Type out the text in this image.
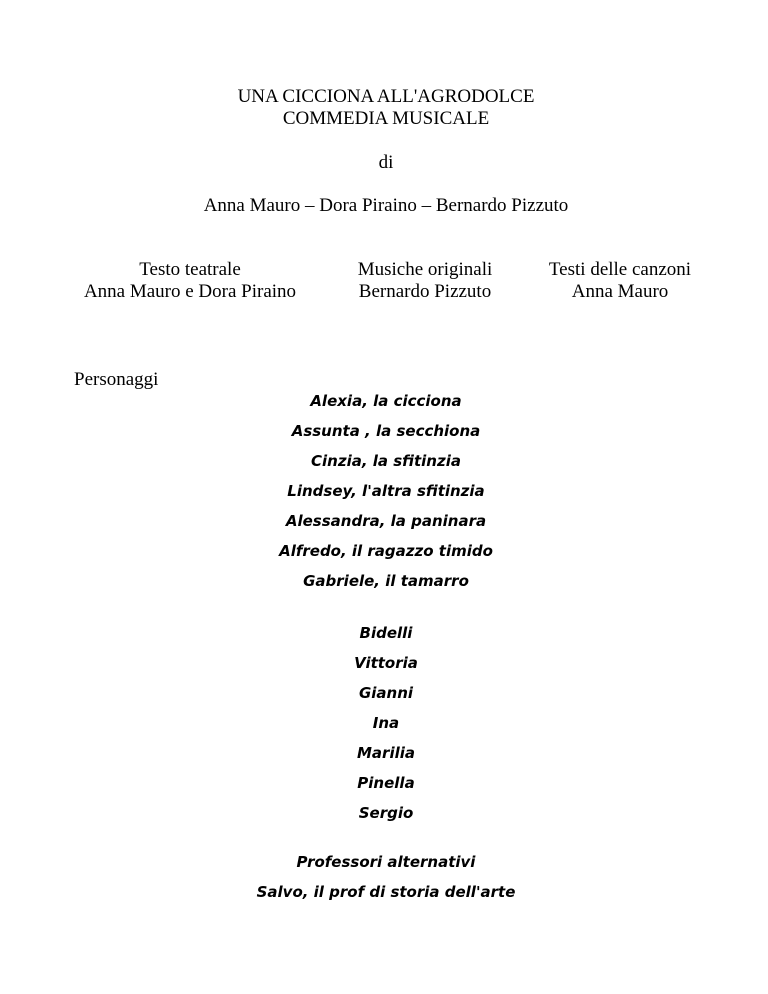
UNA CICCIONA ALL'AGRODOLCE
COMMEDIA MUSICALE
di
Anna Mauro – Dora Piraino – Bernardo Pizzuto
Testo teatrale
Anna Mauro e Dora Piraino
Musiche originali
Bernardo Pizzuto
Testi delle canzoni
Anna Mauro
Personaggi
Alexia, la cicciona
Assunta , la secchiona
Cinzia, la sfitinzia
Lindsey, l'altra sfitinzia
Alessandra, la paninara
Alfredo, il ragazzo timido
Gabriele, il tamarro
Bidelli
Vittoria
Gianni
Ina
Marilia
Pinella
Sergio
Professori alternativi
Salvo, il prof di storia dell'arte
